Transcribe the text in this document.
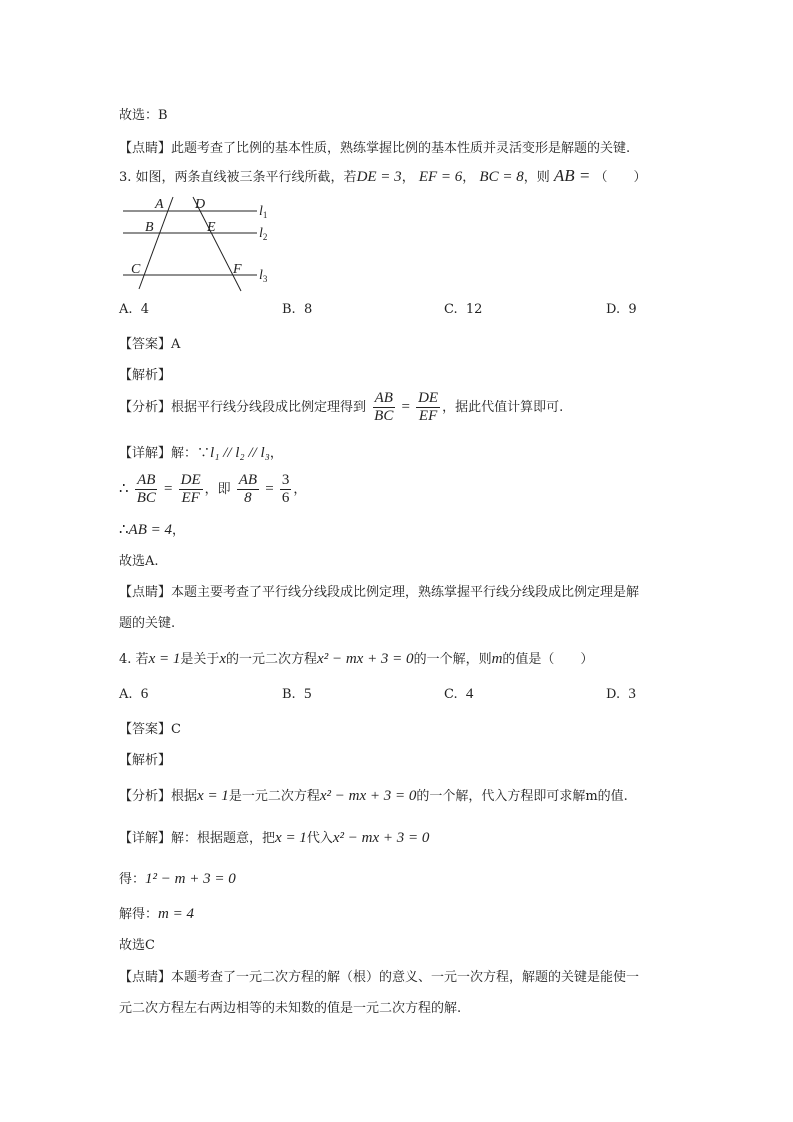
故选：B
【点睛】此题考查了比例的基本性质，熟练掌握比例的基本性质并灵活变形是解题的关键.
3. 如图，两条直线被三条平行线所截，若DE = 3， EF = 6， BC = 8，则 AB = （　　）
A D
B	E
C	F
$l_1$
$l_2$
$l_3$
A. 4	B. 8	C. 12	D. 9
【答案】A
【解析】
【分析】根据平行线分线段成比例定理得到 $\frac{AB}{BC} = \frac{DE}{EF}$ ，据此代值计算即可.
【详解】解：∵l₁ // l₂ // l₃，
∴ $\frac{AB}{BC} = \frac{DE}{EF}$ ，即 $\frac{AB}{8} = \frac{3}{6}$ ，
∴AB = 4，
故选A.
【点睛】本题主要考查了平行线分线段成比例定理，熟练掌握平行线分线段成比例定理是解
题的关键.
4. 若x = 1是关于x的一元二次方程x² − mx + 3 = 0的一个解，则m的值是（　　）
A. 6	B. 5	C. 4	D. 3
【答案】C
【解析】
【分析】根据x = 1是一元二次方程x² − mx + 3 = 0的一个解，代入方程即可求解m的值.
【详解】解：根据题意，把x = 1代入x² − mx + 3 = 0
得：1² − m + 3 = 0
解得：m = 4
故选C
【点睛】本题考查了一元二次方程的解（根）的意义、一元一次方程，解题的关键是能使一
元二次方程左右两边相等的未知数的值是一元二次方程的解.
